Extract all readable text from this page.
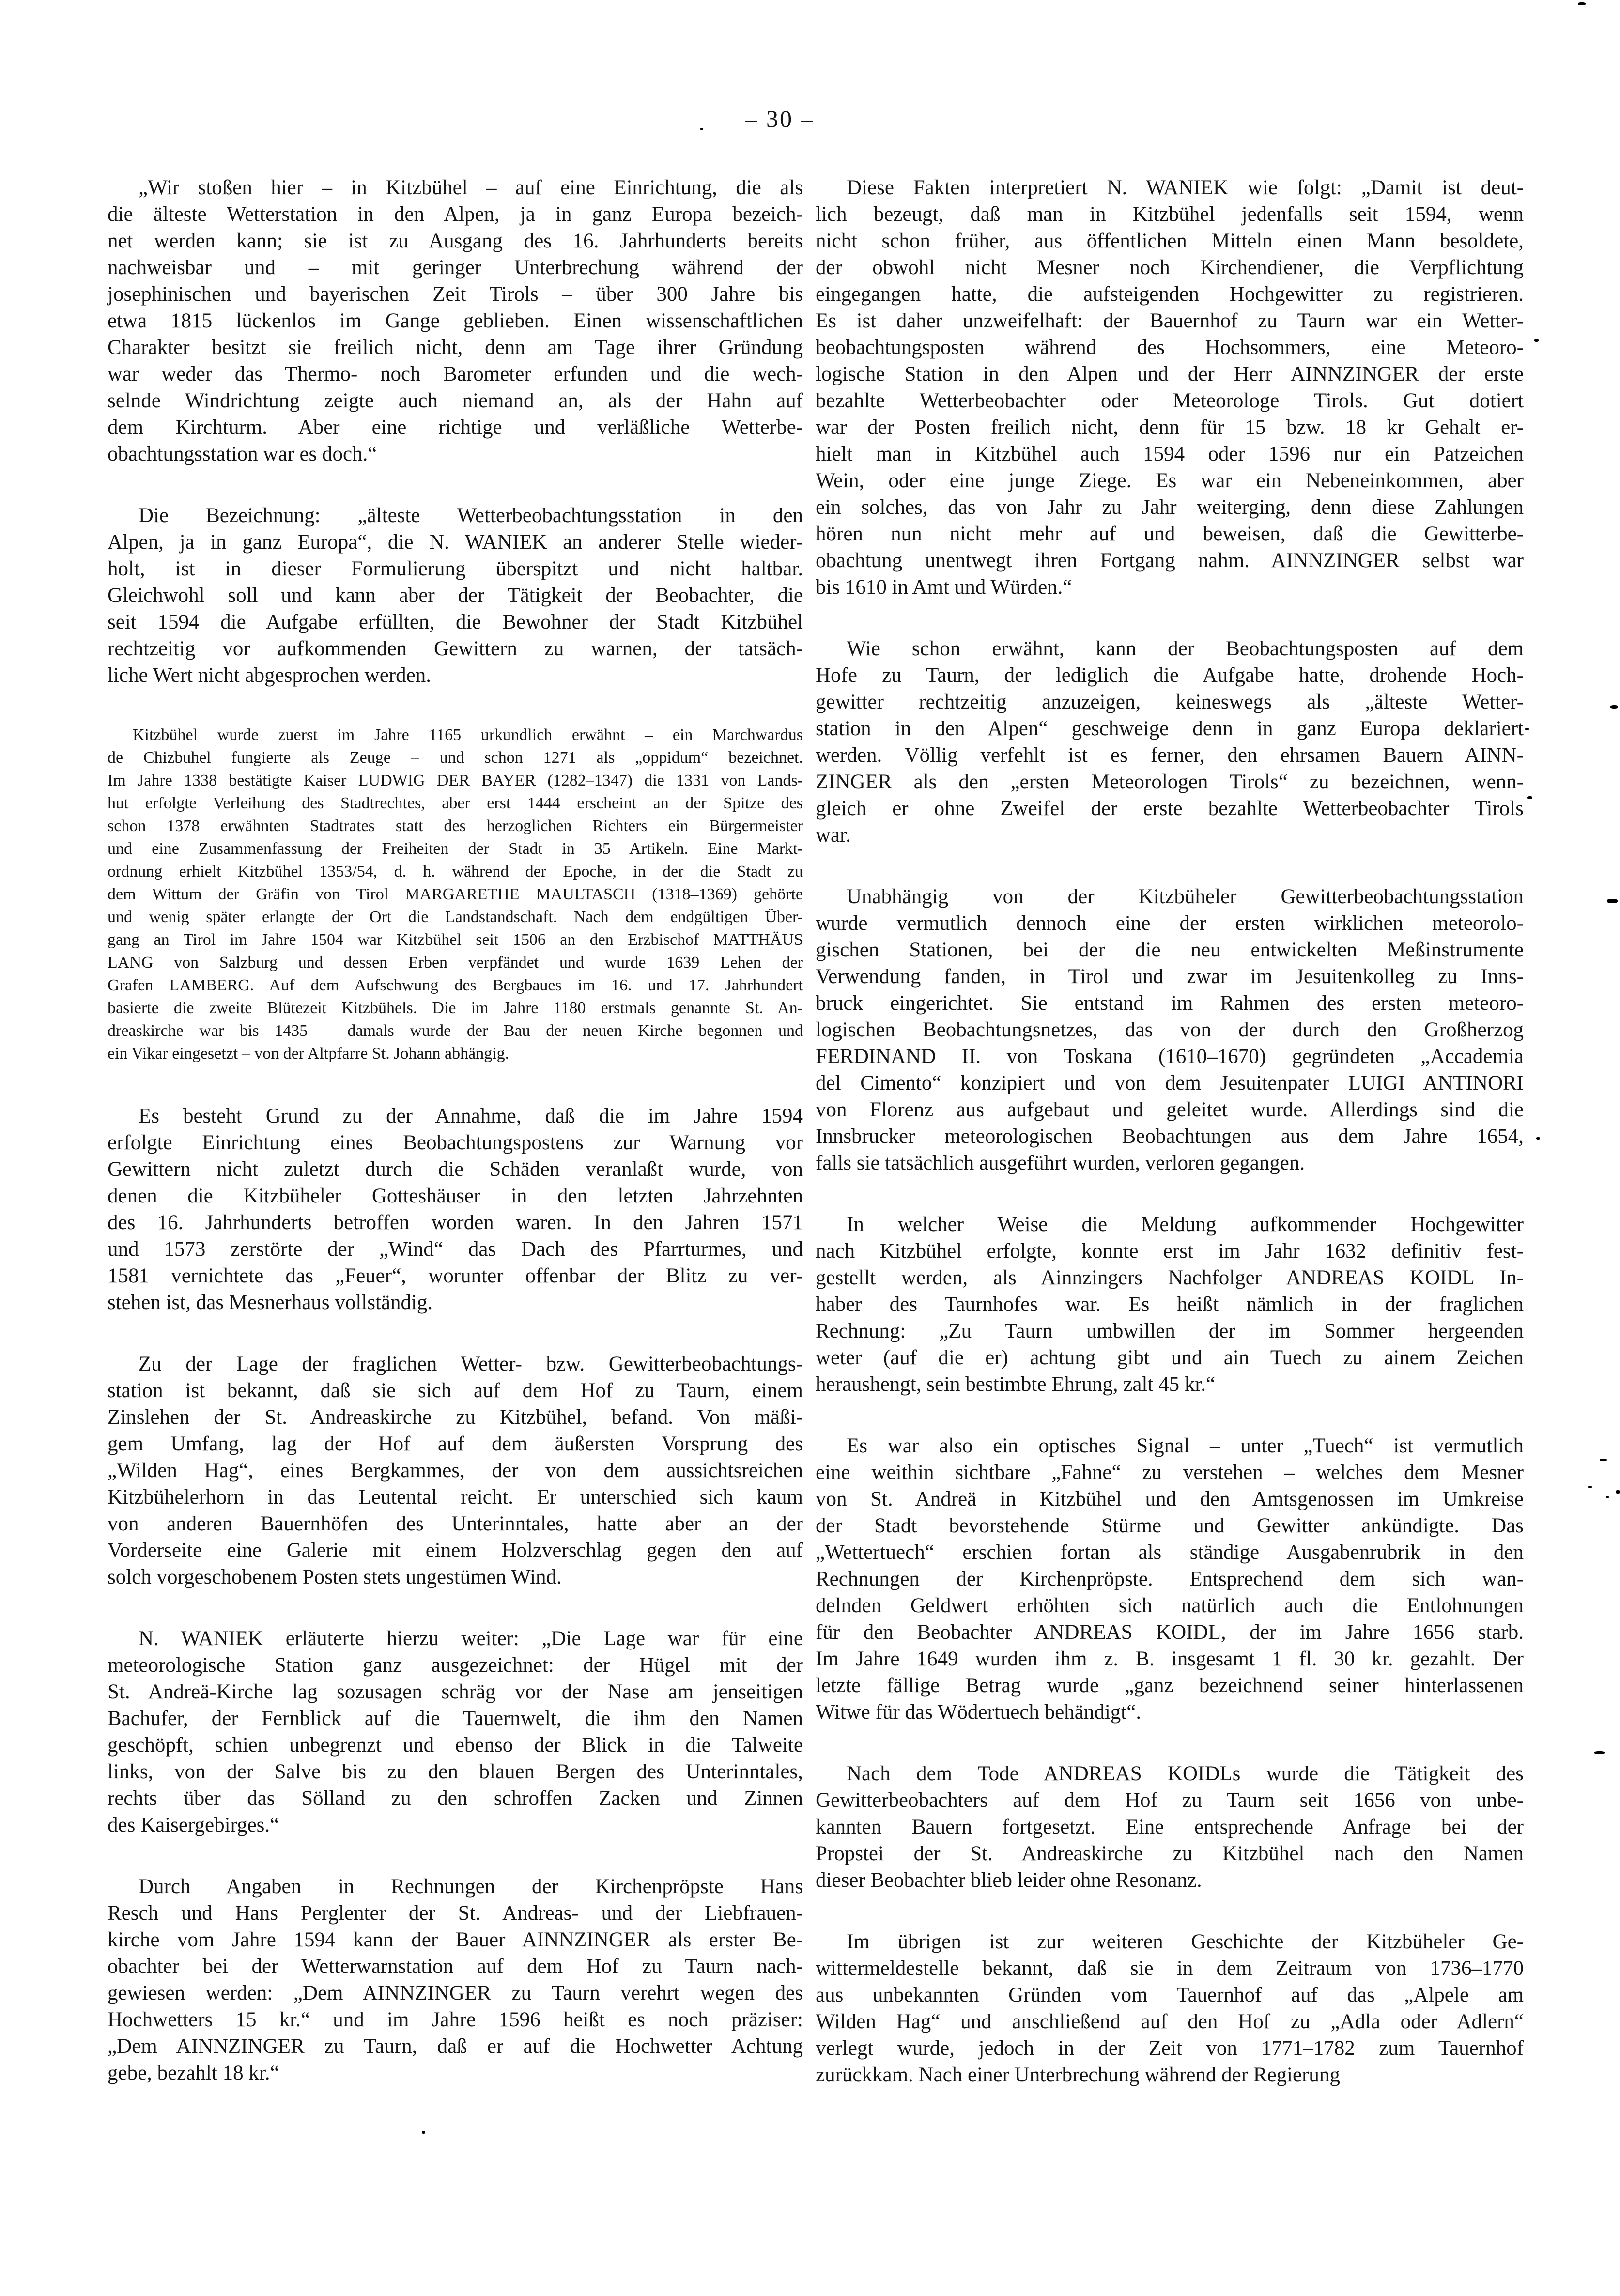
– 30 –
„Wir stoßen hier – in Kitzbühel – auf eine Einrichtung, die als
die älteste Wetterstation in den Alpen, ja in ganz Europa bezeich-
net werden kann; sie ist zu Ausgang des 16. Jahrhunderts bereits
nachweisbar und – mit geringer Unterbrechung während der
josephinischen und bayerischen Zeit Tirols – über 300 Jahre bis
etwa 1815 lückenlos im Gange geblieben. Einen wissenschaftlichen
Charakter besitzt sie freilich nicht, denn am Tage ihrer Gründung
war weder das Thermo- noch Barometer erfunden und die wech-
selnde Windrichtung zeigte auch niemand an, als der Hahn auf
dem Kirchturm. Aber eine richtige und verläßliche Wetterbe-
obachtungsstation war es doch.“
Die Bezeichnung: „älteste Wetterbeobachtungsstation in den
Alpen, ja in ganz Europa“, die N. WANIEK an anderer Stelle wieder-
holt, ist in dieser Formulierung überspitzt und nicht haltbar.
Gleichwohl soll und kann aber der Tätigkeit der Beobachter, die
seit 1594 die Aufgabe erfüllten, die Bewohner der Stadt Kitzbühel
rechtzeitig vor aufkommenden Gewittern zu warnen, der tatsäch-
liche Wert nicht abgesprochen werden.
Kitzbühel wurde zuerst im Jahre 1165 urkundlich erwähnt – ein Marchwardus
de Chizbuhel fungierte als Zeuge – und schon 1271 als „oppidum“ bezeichnet.
Im Jahre 1338 bestätigte Kaiser LUDWIG DER BAYER (1282–1347) die 1331 von Lands-
hut erfolgte Verleihung des Stadtrechtes, aber erst 1444 erscheint an der Spitze des
schon 1378 erwähnten Stadtrates statt des herzoglichen Richters ein Bürgermeister
und eine Zusammenfassung der Freiheiten der Stadt in 35 Artikeln. Eine Markt-
ordnung erhielt Kitzbühel 1353/54, d. h. während der Epoche, in der die Stadt zu
dem Wittum der Gräfin von Tirol MARGARETHE MAULTASCH (1318–1369) gehörte
und wenig später erlangte der Ort die Landstandschaft. Nach dem endgültigen Über-
gang an Tirol im Jahre 1504 war Kitzbühel seit 1506 an den Erzbischof MATTHÄUS
LANG von Salzburg und dessen Erben verpfändet und wurde 1639 Lehen der
Grafen LAMBERG. Auf dem Aufschwung des Bergbaues im 16. und 17. Jahrhundert
basierte die zweite Blütezeit Kitzbühels. Die im Jahre 1180 erstmals genannte St. An-
dreaskirche war bis 1435 – damals wurde der Bau der neuen Kirche begonnen und
ein Vikar eingesetzt – von der Altpfarre St. Johann abhängig.
Es besteht Grund zu der Annahme, daß die im Jahre 1594
erfolgte Einrichtung eines Beobachtungspostens zur Warnung vor
Gewittern nicht zuletzt durch die Schäden veranlaßt wurde, von
denen die Kitzbüheler Gotteshäuser in den letzten Jahrzehnten
des 16. Jahrhunderts betroffen worden waren. In den Jahren 1571
und 1573 zerstörte der „Wind“ das Dach des Pfarrturmes, und
1581 vernichtete das „Feuer“, worunter offenbar der Blitz zu ver-
stehen ist, das Mesnerhaus vollständig.
Zu der Lage der fraglichen Wetter- bzw. Gewitterbeobachtungs-
station ist bekannt, daß sie sich auf dem Hof zu Taurn, einem
Zinslehen der St. Andreaskirche zu Kitzbühel, befand. Von mäßi-
gem Umfang, lag der Hof auf dem äußersten Vorsprung des
„Wilden Hag“, eines Bergkammes, der von dem aussichtsreichen
Kitzbühelerhorn in das Leutental reicht. Er unterschied sich kaum
von anderen Bauernhöfen des Unterinntales, hatte aber an der
Vorderseite eine Galerie mit einem Holzverschlag gegen den auf
solch vorgeschobenem Posten stets ungestümen Wind.
N. WANIEK erläuterte hierzu weiter: „Die Lage war für eine
meteorologische Station ganz ausgezeichnet: der Hügel mit der
St. Andreä-Kirche lag sozusagen schräg vor der Nase am jenseitigen
Bachufer, der Fernblick auf die Tauernwelt, die ihm den Namen
geschöpft, schien unbegrenzt und ebenso der Blick in die Talweite
links, von der Salve bis zu den blauen Bergen des Unterinntales,
rechts über das Sölland zu den schroffen Zacken und Zinnen
des Kaisergebirges.“
Durch Angaben in Rechnungen der Kirchenpröpste Hans
Resch und Hans Perglenter der St. Andreas- und der Liebfrauen-
kirche vom Jahre 1594 kann der Bauer AINNZINGER als erster Be-
obachter bei der Wetterwarnstation auf dem Hof zu Taurn nach-
gewiesen werden: „Dem AINNZINGER zu Taurn verehrt wegen des
Hochwetters 15 kr.“ und im Jahre 1596 heißt es noch präziser:
„Dem AINNZINGER zu Taurn, daß er auf die Hochwetter Achtung
gebe, bezahlt 18 kr.“
Diese Fakten interpretiert N. WANIEK wie folgt: „Damit ist deut-
lich bezeugt, daß man in Kitzbühel jedenfalls seit 1594, wenn
nicht schon früher, aus öffentlichen Mitteln einen Mann besoldete,
der obwohl nicht Mesner noch Kirchendiener, die Verpflichtung
eingegangen hatte, die aufsteigenden Hochgewitter zu registrieren.
Es ist daher unzweifelhaft: der Bauernhof zu Taurn war ein Wetter-
beobachtungsposten während des Hochsommers, eine Meteoro-
logische Station in den Alpen und der Herr AINNZINGER der erste
bezahlte Wetterbeobachter oder Meteorologe Tirols. Gut dotiert
war der Posten freilich nicht, denn für 15 bzw. 18 kr Gehalt er-
hielt man in Kitzbühel auch 1594 oder 1596 nur ein Patzeichen
Wein, oder eine junge Ziege. Es war ein Nebeneinkommen, aber
ein solches, das von Jahr zu Jahr weiterging, denn diese Zahlungen
hören nun nicht mehr auf und beweisen, daß die Gewitterbe-
obachtung unentwegt ihren Fortgang nahm. AINNZINGER selbst war
bis 1610 in Amt und Würden.“
Wie schon erwähnt, kann der Beobachtungsposten auf dem
Hofe zu Taurn, der lediglich die Aufgabe hatte, drohende Hoch-
gewitter rechtzeitig anzuzeigen, keineswegs als „älteste Wetter-
station in den Alpen“ geschweige denn in ganz Europa deklariert
werden. Völlig verfehlt ist es ferner, den ehrsamen Bauern AINN-
ZINGER als den „ersten Meteorologen Tirols“ zu bezeichnen, wenn-
gleich er ohne Zweifel der erste bezahlte Wetterbeobachter Tirols
war.
Unabhängig von der Kitzbüheler Gewitterbeobachtungsstation
wurde vermutlich dennoch eine der ersten wirklichen meteorolo-
gischen Stationen, bei der die neu entwickelten Meßinstrumente
Verwendung fanden, in Tirol und zwar im Jesuitenkolleg zu Inns-
bruck eingerichtet. Sie entstand im Rahmen des ersten meteoro-
logischen Beobachtungsnetzes, das von der durch den Großherzog
FERDINAND II. von Toskana (1610–1670) gegründeten „Accademia
del Cimento“ konzipiert und von dem Jesuitenpater LUIGI ANTINORI
von Florenz aus aufgebaut und geleitet wurde. Allerdings sind die
Innsbrucker meteorologischen Beobachtungen aus dem Jahre 1654,
falls sie tatsächlich ausgeführt wurden, verloren gegangen.
In welcher Weise die Meldung aufkommender Hochgewitter
nach Kitzbühel erfolgte, konnte erst im Jahr 1632 definitiv fest-
gestellt werden, als Ainnzingers Nachfolger ANDREAS KOIDL In-
haber des Taurnhofes war. Es heißt nämlich in der fraglichen
Rechnung: „Zu Taurn umbwillen der im Sommer hergeenden
weter (auf die er) achtung gibt und ain Tuech zu ainem Zeichen
heraushengt, sein bestimbte Ehrung, zalt 45 kr.“
Es war also ein optisches Signal – unter „Tuech“ ist vermutlich
eine weithin sichtbare „Fahne“ zu verstehen – welches dem Mesner
von St. Andreä in Kitzbühel und den Amtsgenossen im Umkreise
der Stadt bevorstehende Stürme und Gewitter ankündigte. Das
„Wettertuech“ erschien fortan als ständige Ausgabenrubrik in den
Rechnungen der Kirchenpröpste. Entsprechend dem sich wan-
delnden Geldwert erhöhten sich natürlich auch die Entlohnungen
für den Beobachter ANDREAS KOIDL, der im Jahre 1656 starb.
Im Jahre 1649 wurden ihm z. B. insgesamt 1 fl. 30 kr. gezahlt. Der
letzte fällige Betrag wurde „ganz bezeichnend seiner hinterlassenen
Witwe für das Wödertuech behändigt“.
Nach dem Tode ANDREAS KOIDLs wurde die Tätigkeit des
Gewitterbeobachters auf dem Hof zu Taurn seit 1656 von unbe-
kannten Bauern fortgesetzt. Eine entsprechende Anfrage bei der
Propstei der St. Andreaskirche zu Kitzbühel nach den Namen
dieser Beobachter blieb leider ohne Resonanz.
Im übrigen ist zur weiteren Geschichte der Kitzbüheler Ge-
wittermeldestelle bekannt, daß sie in dem Zeitraum von 1736–1770
aus unbekannten Gründen vom Tauernhof auf das „Alpele am
Wilden Hag“ und anschließend auf den Hof zu „Adla oder Adlern“
verlegt wurde, jedoch in der Zeit von 1771–1782 zum Tauernhof
zurückkam. Nach einer Unterbrechung während der Regierung
